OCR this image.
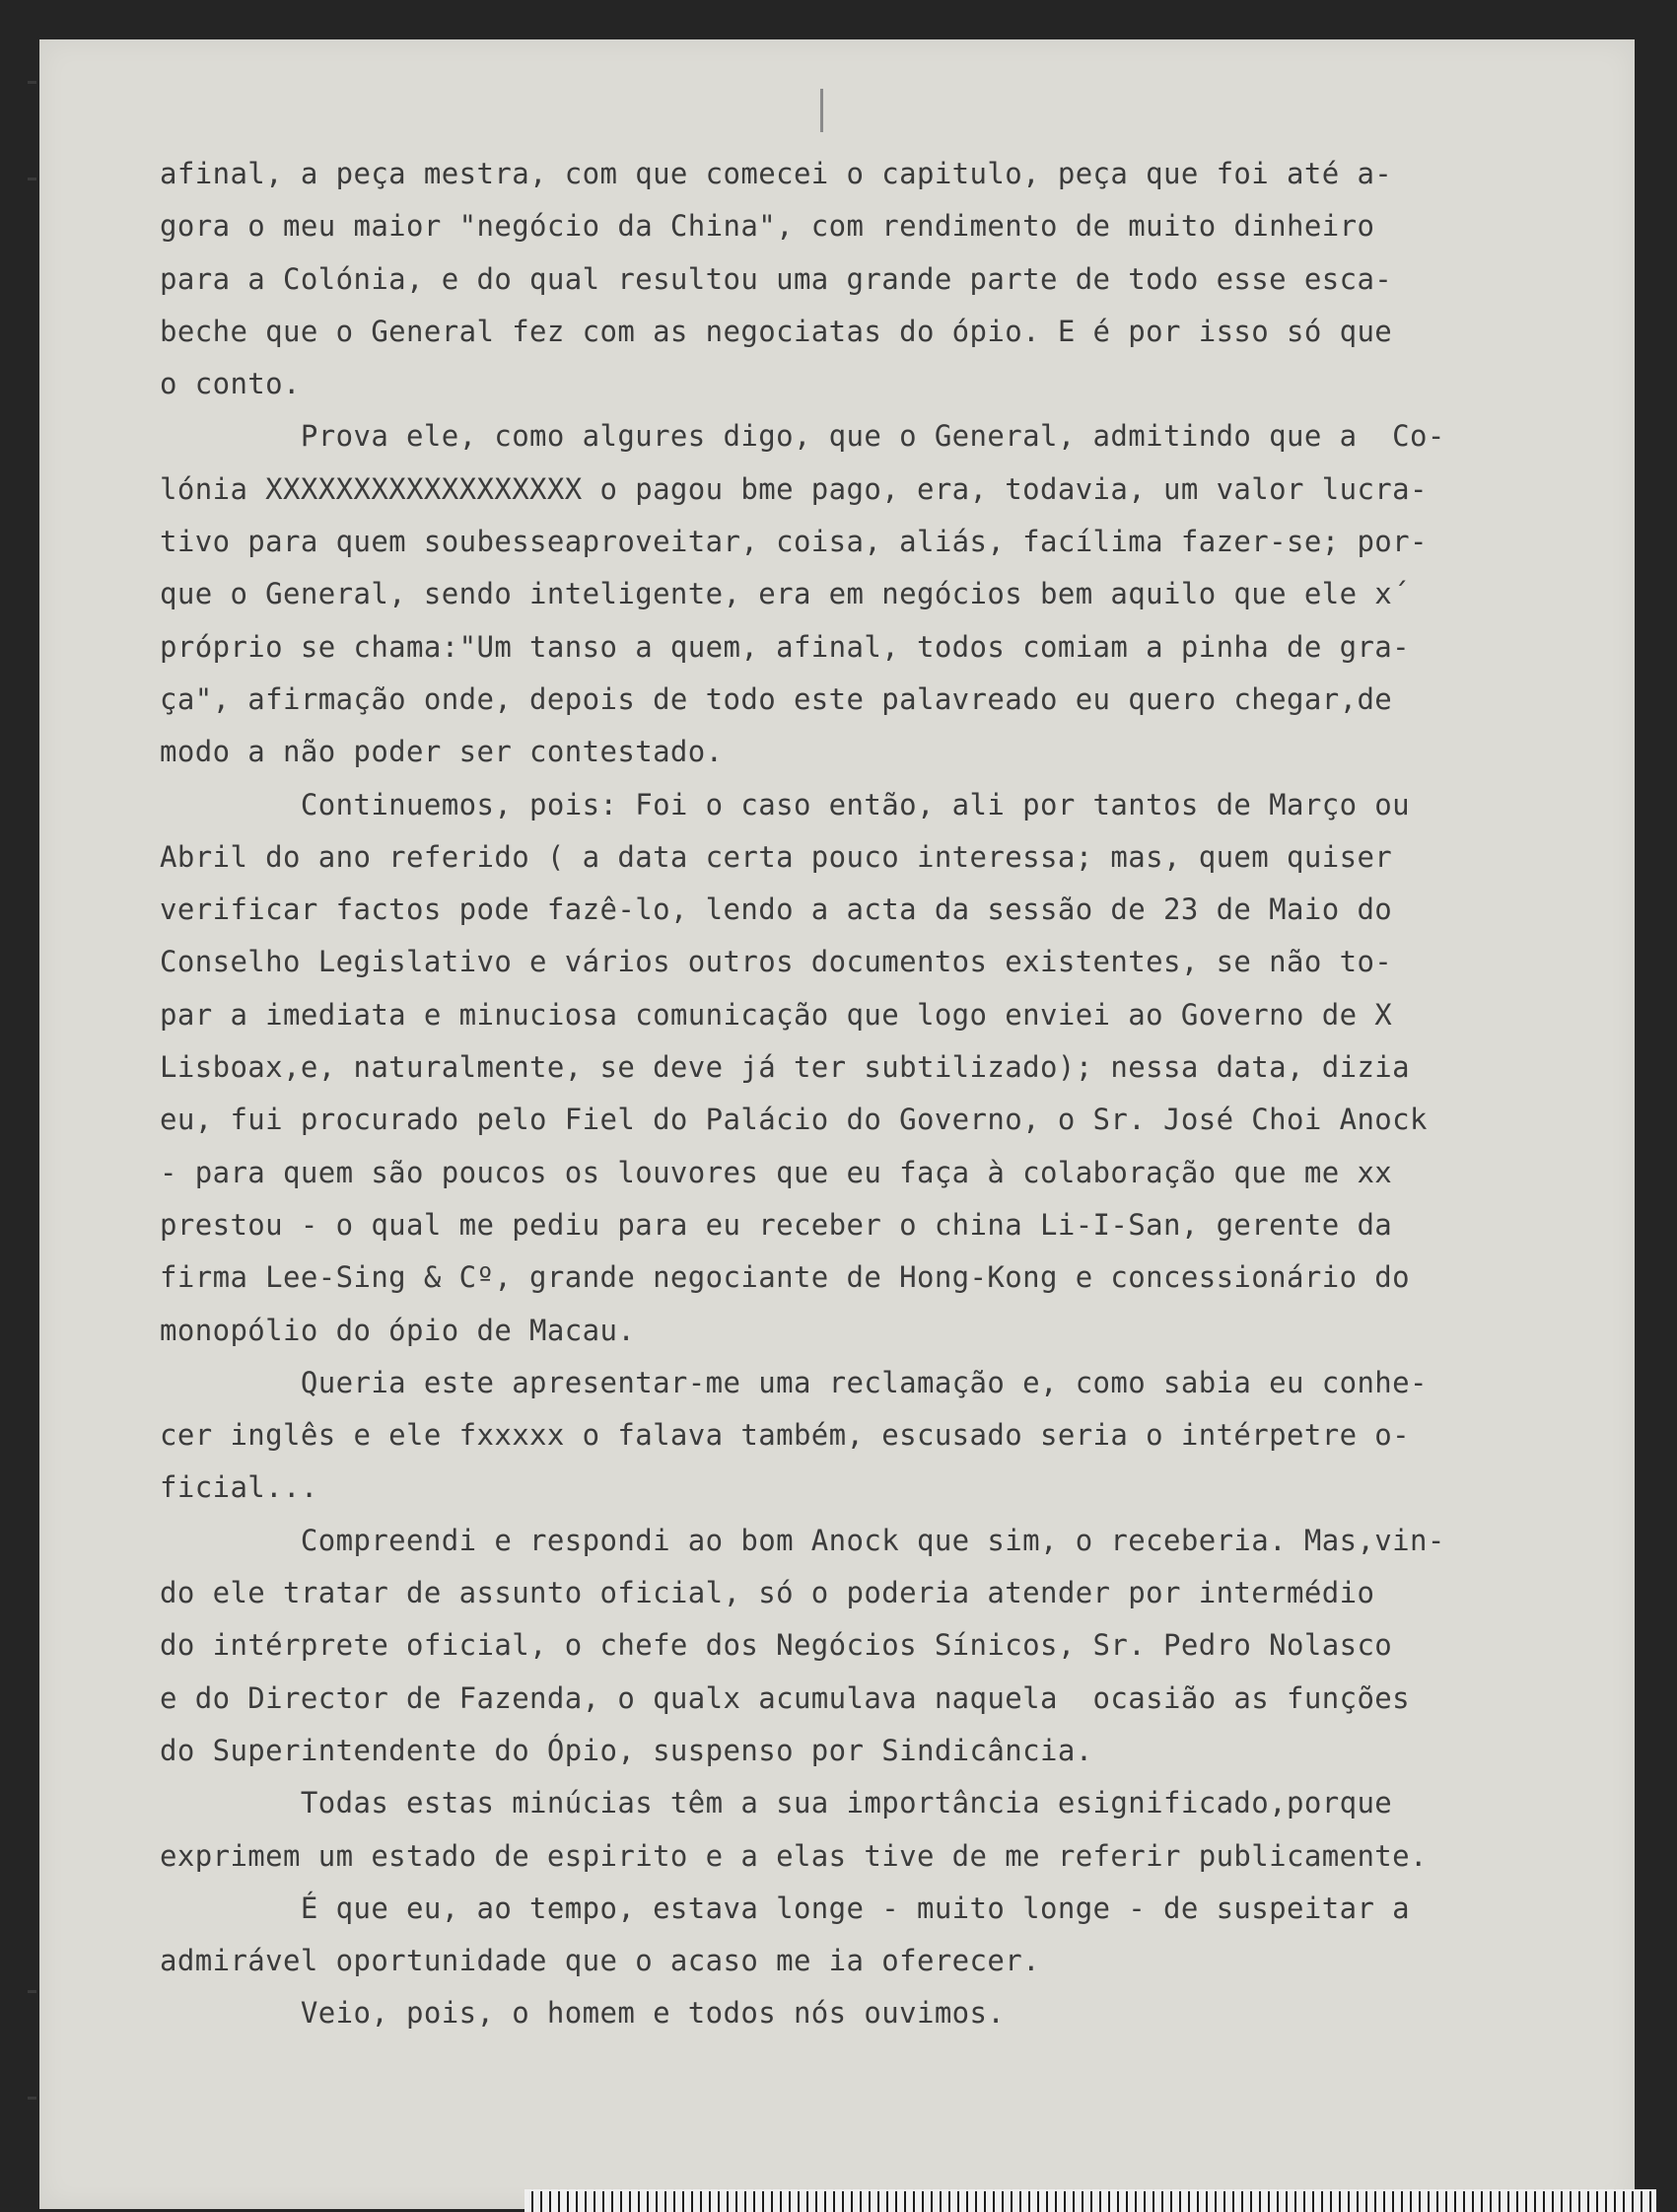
afinal, a peça mestra, com que comecei o capitulo, peça que foi até a-
gora o meu maior "negócio da China", com rendimento de muito dinheiro
para a Colónia, e do qual resultou uma grande parte de todo esse esca-
beche que o General fez com as negociatas do ópio. E é por isso só que
o conto.
Prova ele, como algures digo, que o General, admitindo que a  Co-
lónia XXXXXXXXXXXXXXXXXX o pagou bme pago, era, todavia, um valor lucra-
tivo para quem soubesseaproveitar, coisa, aliás, facílima fazer-se; por-
que o General, sendo inteligente, era em negócios bem aquilo que ele x´
próprio se chama:"Um tanso a quem, afinal, todos comiam a pinha de gra-
ça", afirmação onde, depois de todo este palavreado eu quero chegar,de
modo a não poder ser contestado.
Continuemos, pois: Foi o caso então, ali por tantos de Março ou
Abril do ano referido ( a data certa pouco interessa; mas, quem quiser
verificar factos pode fazê-lo, lendo a acta da sessão de 23 de Maio do
Conselho Legislativo e vários outros documentos existentes, se não to-
par a imediata e minuciosa comunicação que logo enviei ao Governo de X
Lisboax,e, naturalmente, se deve já ter subtilizado); nessa data, dizia
eu, fui procurado pelo Fiel do Palácio do Governo, o Sr. José Choi Anock
- para quem são poucos os louvores que eu faça à colaboração que me xx
prestou - o qual me pediu para eu receber o china Li-I-San, gerente da
firma Lee-Sing & Cº, grande negociante de Hong-Kong e concessionário do
monopólio do ópio de Macau.
Queria este apresentar-me uma reclamação e, como sabia eu conhe-
cer inglês e ele fxxxxx o falava também, escusado seria o intérpetre o-
ficial...
Compreendi e respondi ao bom Anock que sim, o receberia. Mas,vin-
do ele tratar de assunto oficial, só o poderia atender por intermédio
do intérprete oficial, o chefe dos Negócios Sínicos, Sr. Pedro Nolasco
e do Director de Fazenda, o qualx acumulava naquela  ocasião as funções
do Superintendente do Ópio, suspenso por Sindicância.
Todas estas minúcias têm a sua importância esignificado,porque
exprimem um estado de espirito e a elas tive de me referir publicamente.
É que eu, ao tempo, estava longe - muito longe - de suspeitar a
admirável oportunidade que o acaso me ia oferecer.
Veio, pois, o homem e todos nós ouvimos.
